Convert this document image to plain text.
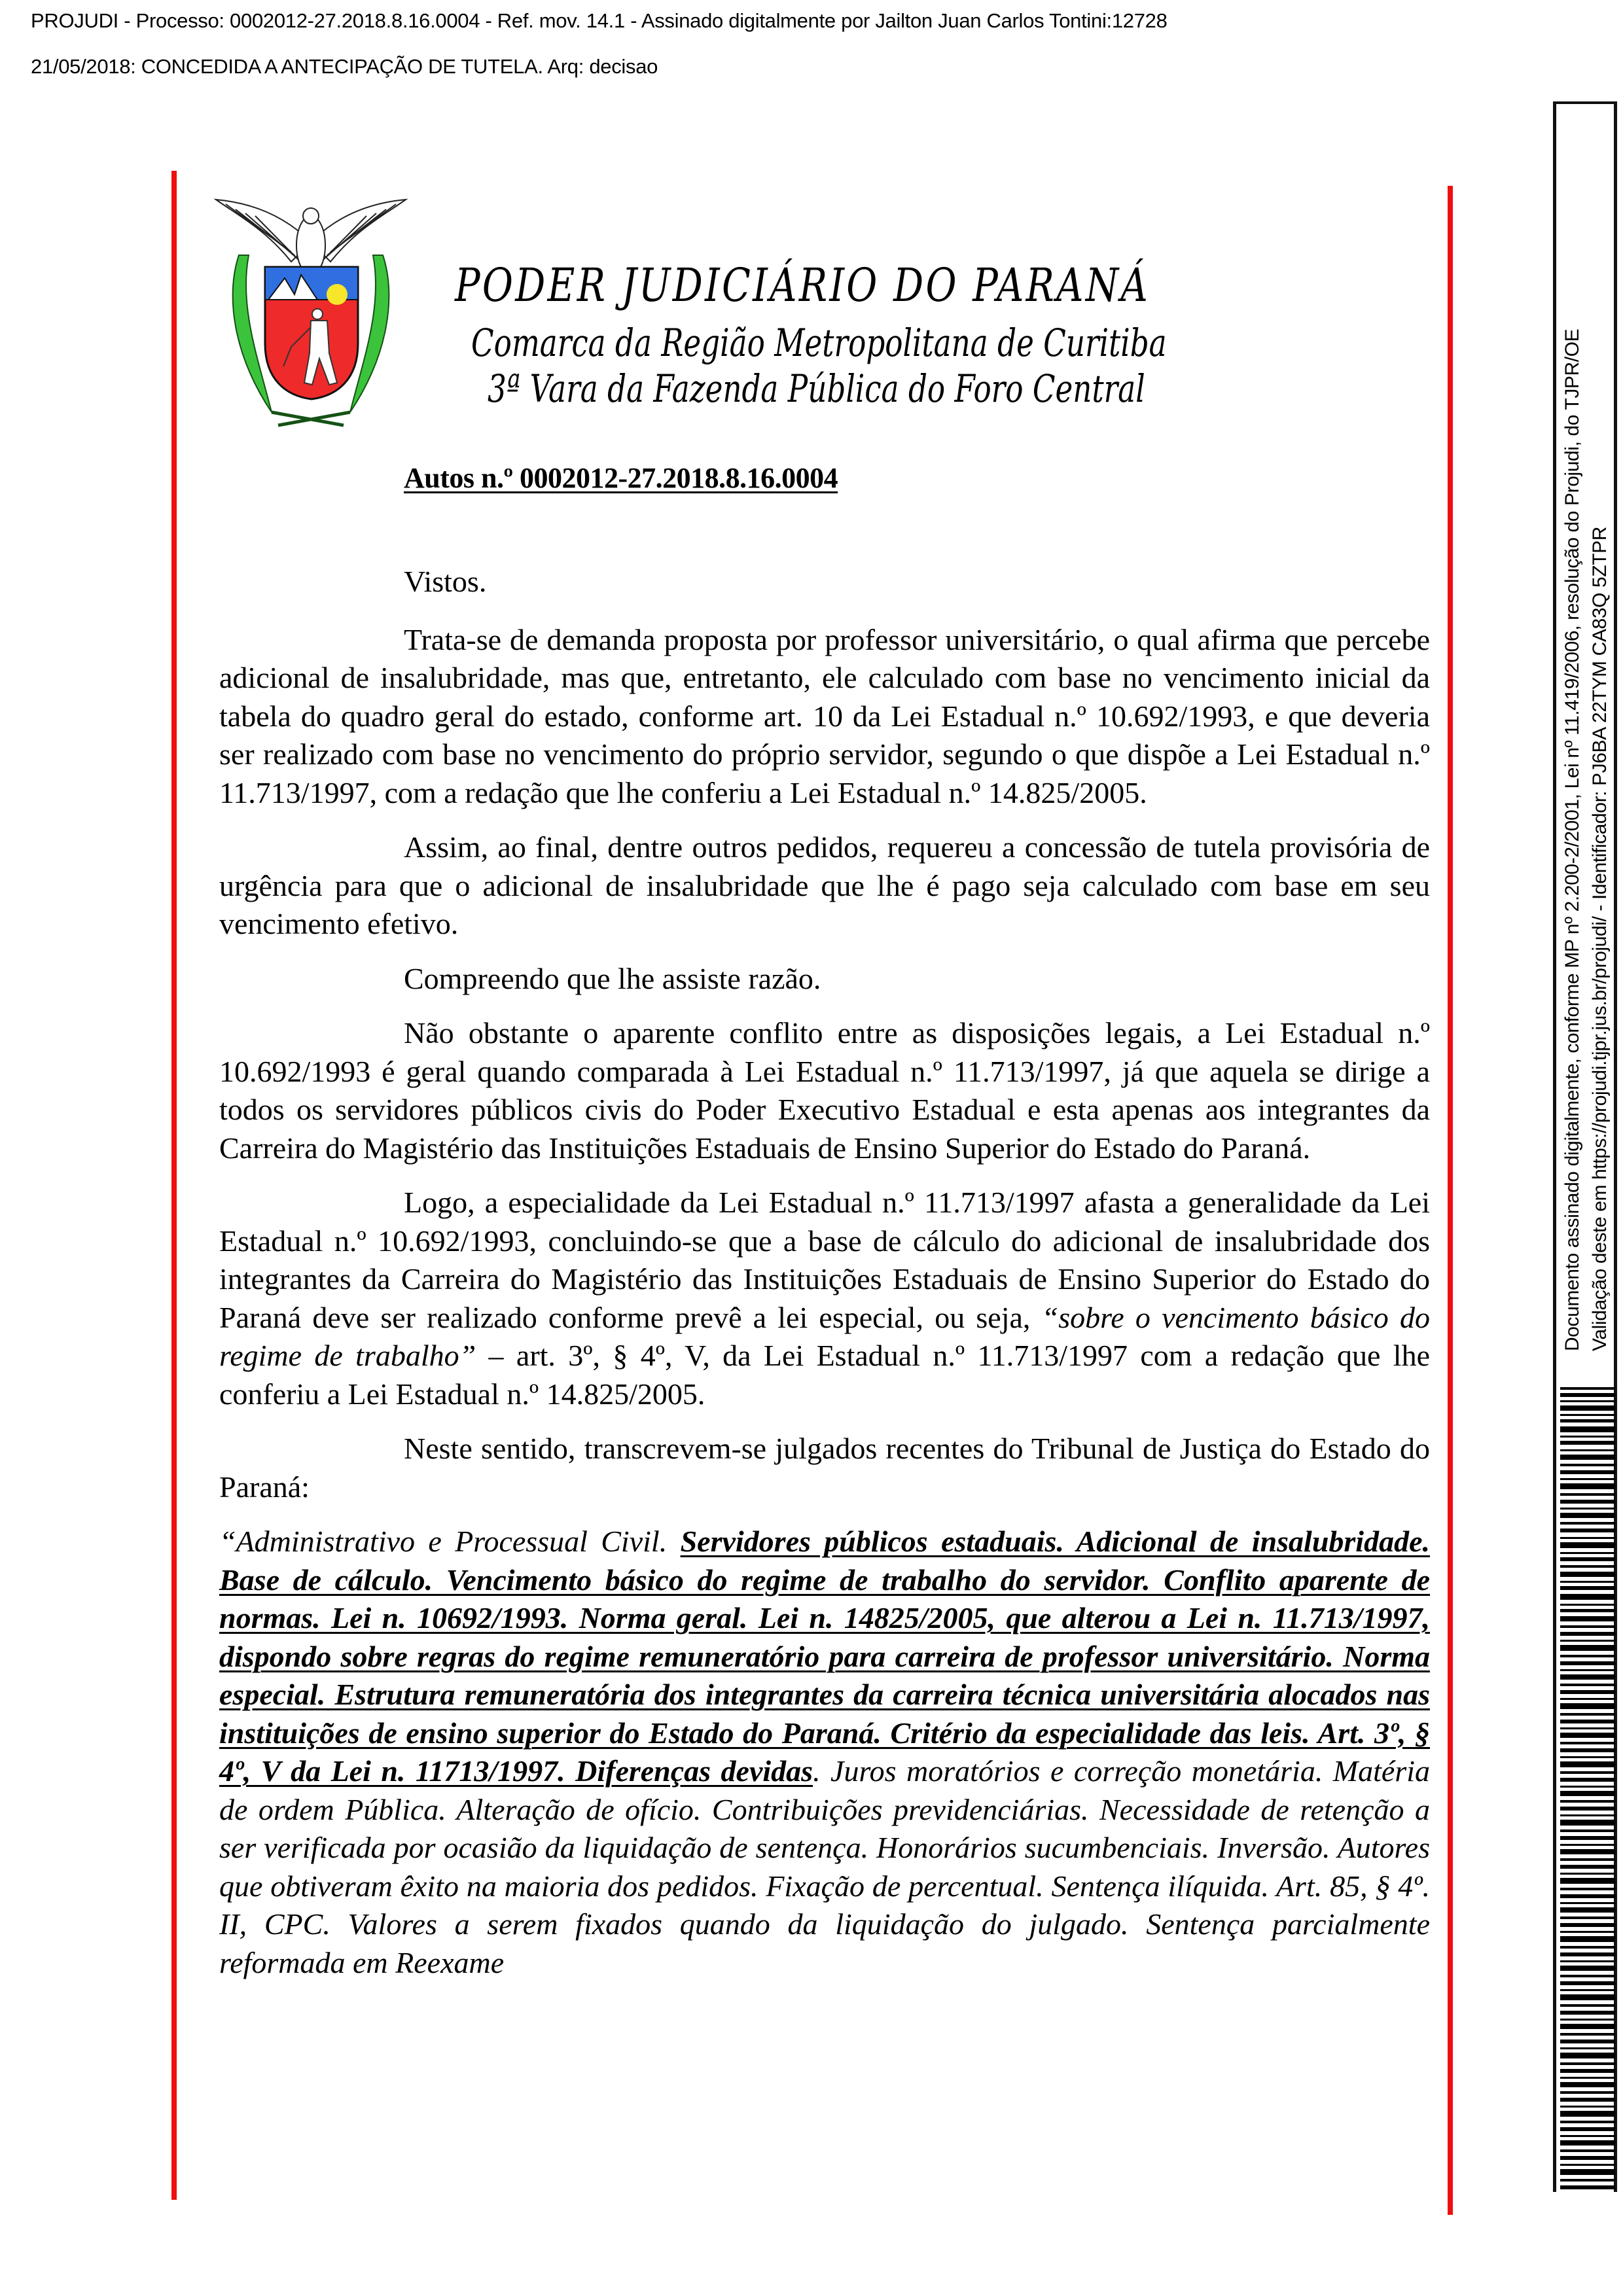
PROJUDI - Processo: 0002012-27.2018.8.16.0004 - Ref. mov. 14.1 - Assinado digitalmente por Jailton Juan Carlos Tontini:12728
21/05/2018: CONCEDIDA A ANTECIPAÇÃO DE TUTELA. Arq: decisao
PODER JUDICIÁRIO DO PARANÁ
Comarca da Região Metropolitana de Curitiba
3ª Vara da Fazenda Pública do Foro Central
Autos n.º 0002012-27.2018.8.16.0004

Vistos.

Trata-se de demanda proposta por professor universitário, o qual afirma que percebe adicional de insalubridade, mas que, entretanto, ele calculado com base no vencimento inicial da tabela do quadro geral do estado, conforme art. 10 da Lei Estadual n.º 10.692/1993, e que deveria ser realizado com base no vencimento do próprio servidor, segundo o que dispõe a Lei Estadual n.º 11.713/1997, com a redação que lhe conferiu a Lei Estadual n.º 14.825/2005.

Assim, ao final, dentre outros pedidos, requereu a concessão de tutela provisória de urgência para que o adicional de insalubridade que lhe é pago seja calculado com base em seu vencimento efetivo.

Compreendo que lhe assiste razão.

Não obstante o aparente conflito entre as disposições legais, a Lei Estadual n.º 10.692/1993 é geral quando comparada à Lei Estadual n.º 11.713/1997, já que aquela se dirige a todos os servidores públicos civis do Poder Executivo Estadual e esta apenas aos integrantes da Carreira do Magistério das Instituições Estaduais de Ensino Superior do Estado do Paraná.

Logo, a especialidade da Lei Estadual n.º 11.713/1997 afasta a generalidade da Lei Estadual n.º 10.692/1993, concluindo-se que a base de cálculo do adicional de insalubridade dos integrantes da Carreira do Magistério das Instituições Estaduais de Ensino Superior do Estado do Paraná deve ser realizado conforme prevê a lei especial, ou seja, “sobre o vencimento básico do regime de trabalho” – art. 3º, § 4º, V, da Lei Estadual n.º 11.713/1997 com a redação que lhe conferiu a Lei Estadual n.º 14.825/2005.

Neste sentido, transcrevem-se julgados recentes do Tribunal de Justiça do Estado do Paraná:

“Administrativo e Processual Civil. Servidores públicos estaduais. Adicional de insalubridade. Base de cálculo. Vencimento básico do regime de trabalho do servidor. Conflito aparente de normas. Lei n. 10692/1993. Norma geral. Lei n. 14825/2005, que alterou a Lei n. 11.713/1997, dispondo sobre regras do regime remuneratório para carreira de professor universitário. Norma especial. Estrutura remuneratória dos integrantes da carreira técnica universitária alocados nas instituições de ensino superior do Estado do Paraná. Critério da especialidade das leis. Art. 3º, § 4º, V da Lei n. 11713/1997. Diferenças devidas. Juros moratórios e correção monetária. Matéria de ordem Pública. Alteração de ofício. Contribuições previdenciárias. Necessidade de retenção a ser verificada por ocasião da liquidação de sentença. Honorários sucumbenciais. Inversão. Autores que obtiveram êxito na maioria dos pedidos. Fixação de percentual. Sentença ilíquida. Art. 85, § 4º. II, CPC. Valores a serem fixados quando da liquidação do julgado. Sentença parcialmente reformada em Reexame

Documento assinado digitalmente, conforme MP nº 2.200-2/2001, Lei nº 11.419/2006, resolução do Projudi, do TJPR/OE Validação deste em https://projudi.tjpr.jus.br/projudi/ - Identificador: PJ6BA 22TYM CA83Q 5ZTPR
